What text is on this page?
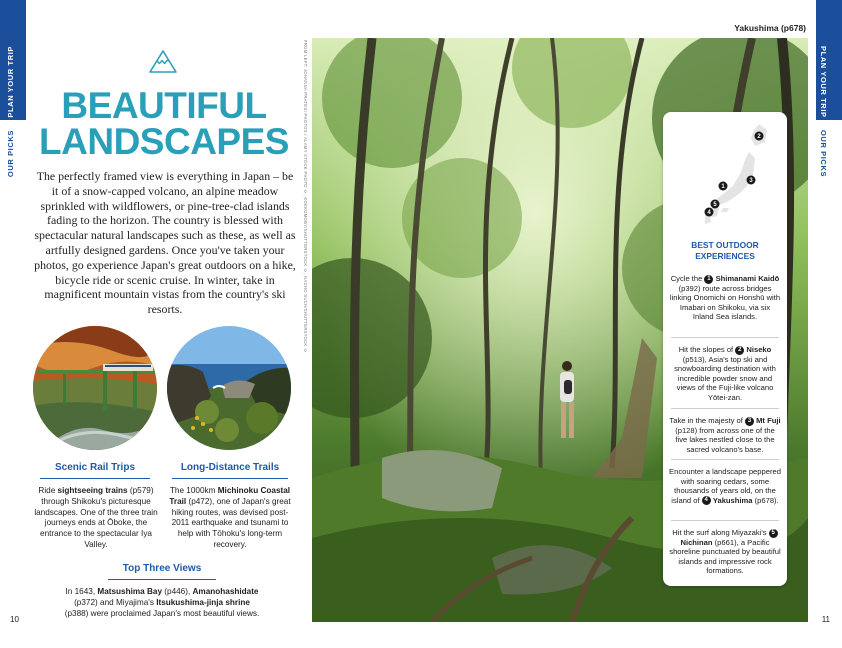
PLAN YOUR TRIP
OUR PICKS
PLAN YOUR TRIP
OUR PICKS
BEAUTIFUL
LANDSCAPES

The perfectly framed view is everything in Japan – be it of a snow-capped volcano, an alpine meadow sprinkled with wildflowers, or pine-tree-clad islands fading to the horizon. The country is blessed with spectacular natural landscapes such as these, as well as artfully designed gardens. Once you've taken your photos, go experience Japan's great outdoors on a hike, bicycle ride or scenic cruise. In winter, take in magnificent mountain vistas from the country's ski resorts.

Scenic Rail Trips
Ride sightseeing trains (p579) through Shikoku's picturesque landscapes. One of the three train journeys ends at Ōboke, the entrance to the spectacular Iya Valley.
Long-Distance Trails
The 1000km Michinoku Coastal Trail (p472), one of Japan's great hiking routes, was devised post-2011 earthquake and tsunami to help with Tōhoku's long-term recovery.
Top Three Views
In 1643, Matsushima Bay (p446), Amanohashidate (p372) and Miyajima's Itsukushima-jinja shrine (p388) were proclaimed Japan's most beautiful views.
FROM LEFT: JOHANNA PRATESI PHOTOS / ALAMY STOCK PHOTO ©, KOKKOMOBY/SHUTTERSTOCK ©, NACHO SUCH/SHUTTERSTOCK ©
Yakushima (p678)
2
3
1
5
4
BEST OUTDOOR EXPERIENCES
Cycle the 1 Shimanami Kaidō (p392) route across bridges linking Onomichi on Honshū with Imabari on Shikoku, via six Inland Sea islands.
Hit the slopes of 2 Niseko (p513), Asia's top ski and snowboarding destination with incredible powder snow and views of the Fuji-like volcano Yōtei-zan.
Take in the majesty of 3 Mt Fuji (p128) from across one of the five lakes nestled close to the sacred volcano's base.
Encounter a landscape peppered with soaring cedars, some thousands of years old, on the island of 4 Yakushima (p678).
Hit the surf along Miyazaki's 5 Nichinan (p661), a Pacific shoreline punctuated by beautiful islands and impressive rock formations.
10	11
